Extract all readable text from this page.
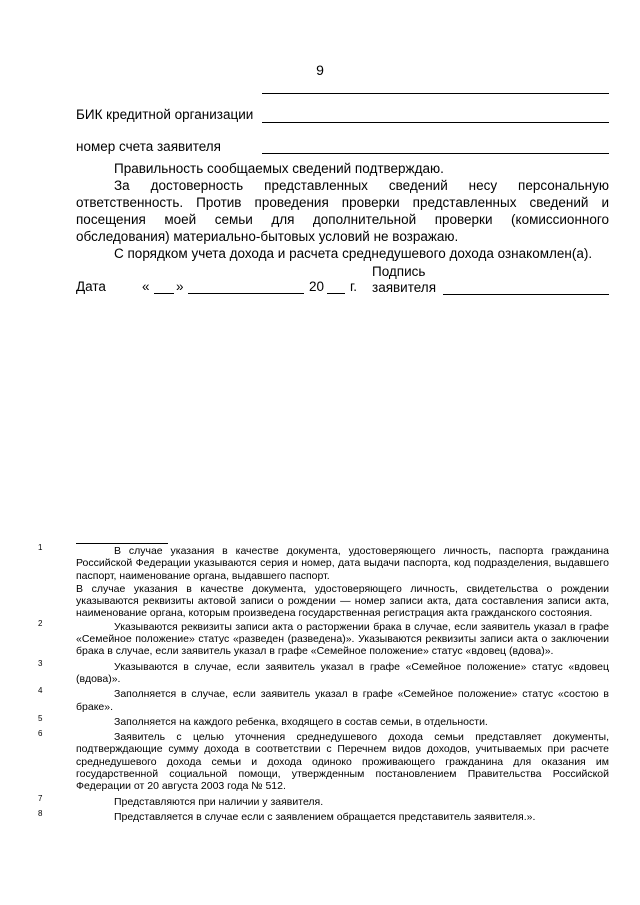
9
БИК кредитной организации
номер счета заявителя

Правильность сообщаемых сведений подтверждаю.

За достоверность представленных сведений несу персональную ответственность. Против проведения проверки представленных сведений и посещения моей семьи для дополнительной проверки (комиссионного обследования) материально-бытовых условий не возражаю.

С порядком учета дохода и расчета среднедушевого дохода ознакомлен(а).

Дата	« »	20 г.
Подпись
заявителя

1	В случае указания в качестве документа, удостоверяющего личность, паспорта гражданина Российской Федерации указываются серия и номер, дата выдачи паспорта, код подразделения, выдавшего паспорт, наименование органа, выдавшего паспорт.

В случае указания в качестве документа, удостоверяющего личность, свидетельства о рождении указываются реквизиты актовой записи о рождении — номер записи акта, дата составления записи акта, наименование органа, которым произведена государственная регистрация акта гражданского состояния.

2	Указываются реквизиты записи акта о расторжении брака в случае, если заявитель указал в графе «Семейное положение» статус «разведен (разведена)». Указываются реквизиты записи акта о заключении брака в случае, если заявитель указал в графе «Семейное положение» статус «вдовец (вдова)».

3	Указываются в случае, если заявитель указал в графе «Семейное положение» статус «вдовец (вдова)».

4	Заполняется в случае, если заявитель указал в графе «Семейное положение» статус «состою в браке».

5	Заполняется на каждого ребенка, входящего в состав семьи, в отдельности.

6	Заявитель с целью уточнения среднедушевого дохода семьи представляет документы, подтверждающие сумму дохода в соответствии с Перечнем видов доходов, учитываемых при расчете среднедушевого дохода семьи и дохода одиноко проживающего гражданина для оказания им государственной социальной помощи, утвержденным постановлением Правительства Российской Федерации от 20 августа 2003 года № 512.

7	Представляются при наличии у заявителя.

8	Представляется в случае если с заявлением обращается представитель заявителя.».
